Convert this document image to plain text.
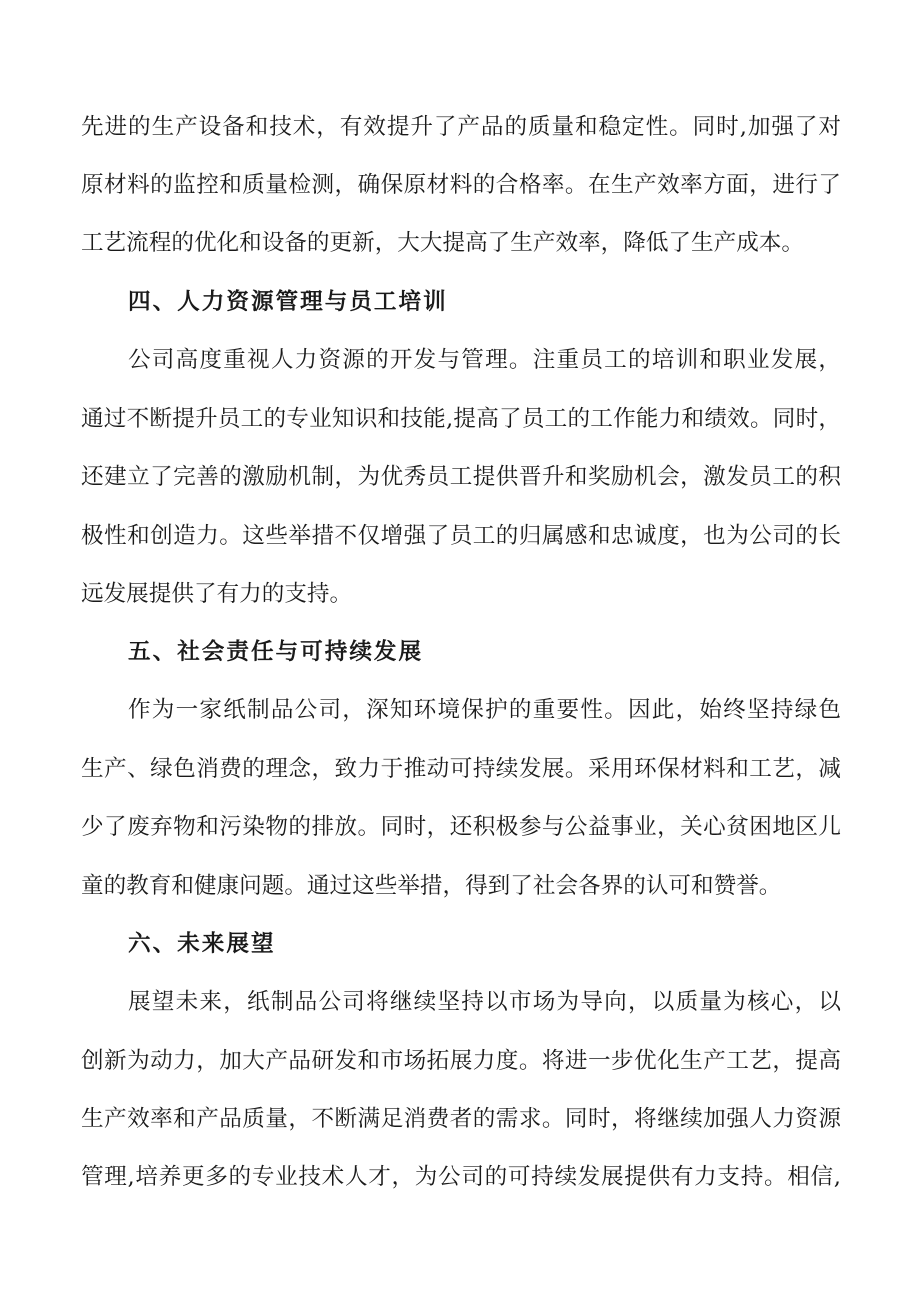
先进的生产设备和技术，有效提升了产品的质量和稳定性。同时,加强了对

原材料的监控和质量检测，确保原材料的合格率。在生产效率方面，进行了

工艺流程的优化和设备的更新，大大提高了生产效率，降低了生产成本。

四、人力资源管理与员工培训

公司高度重视人力资源的开发与管理。注重员工的培训和职业发展，

通过不断提升员工的专业知识和技能,提高了员工的工作能力和绩效。同时，

还建立了完善的激励机制，为优秀员工提供晋升和奖励机会，激发员工的积

极性和创造力。这些举措不仅增强了员工的归属感和忠诚度，也为公司的长

远发展提供了有力的支持。

五、社会责任与可持续发展

作为一家纸制品公司，深知环境保护的重要性。因此，始终坚持绿色

生产、绿色消费的理念，致力于推动可持续发展。采用环保材料和工艺，减

少了废弃物和污染物的排放。同时，还积极参与公益事业，关心贫困地区儿

童的教育和健康问题。通过这些举措，得到了社会各界的认可和赞誉。

六、未来展望

展望未来，纸制品公司将继续坚持以市场为导向，以质量为核心，以

创新为动力，加大产品研发和市场拓展力度。将进一步优化生产工艺，提高

生产效率和产品质量，不断满足消费者的需求。同时，将继续加强人力资源

管理,培养更多的专业技术人才，为公司的可持续发展提供有力支持。相信,
